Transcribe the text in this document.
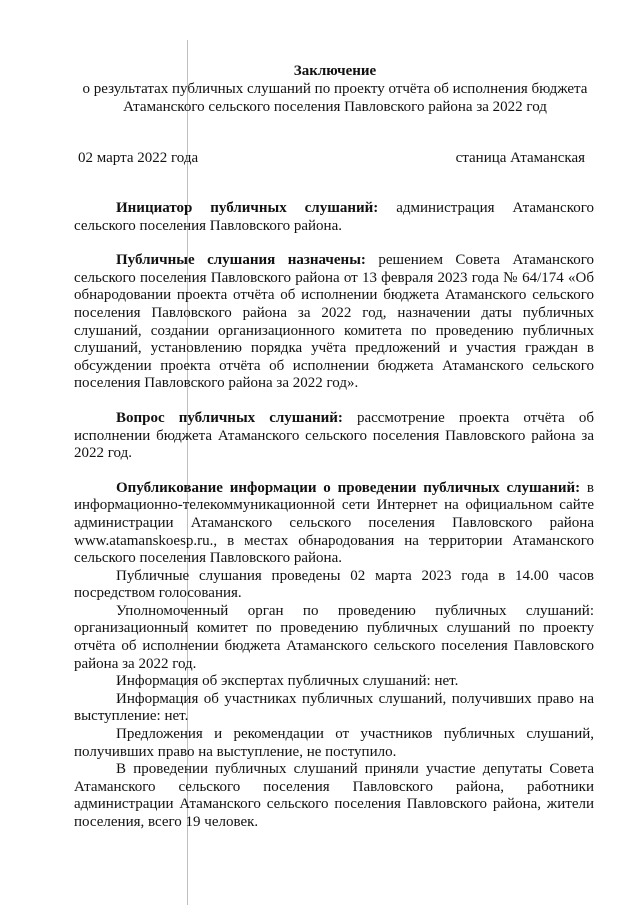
Заключение
о результатах публичных слушаний по проекту отчёта об исполнения бюджета
Атаманского сельского поселения Павловского района за 2022 год
02 марта 2022 года	станица Атаманская

Инициатор публичных слушаний: администрация Атаманского сельского поселения Павловского района.

Публичные слушания назначены: решением Совета Атаманского сельского поселения Павловского района от 13 февраля 2023 года № 64/174 «Об обнародовании проекта отчёта об исполнении бюджета Атаманского сельского поселения Павловского района за 2022 год, назначении даты публичных слушаний, создании организационного комитета по проведению публичных слушаний, установлению порядка учёта предложений и участия граждан в обсуждении проекта отчёта об исполнении бюджета Атаманского сельского поселения Павловского района за 2022 год».

Вопрос публичных слушаний: рассмотрение проекта отчёта об исполнении бюджета Атаманского сельского поселения Павловского района за 2022 год.

Опубликование информации о проведении публичных слушаний: в информационно-телекоммуникационной сети Интернет на официальном сайте администрации Атаманского сельского поселения Павловского района www.atamanskoesp.ru., в местах обнародования на территории Атаманского сельского поселения Павловского района.

Публичные слушания проведены 02 марта 2023 года в 14.00 часов посредством голосования.

Уполномоченный орган по проведению публичных слушаний: организационный комитет по проведению публичных слушаний по проекту отчёта об исполнении бюджета Атаманского сельского поселения Павловского района за 2022 год.

Информация об экспертах публичных слушаний: нет.

Информация об участниках публичных слушаний, получивших право на выступление: нет.

Предложения и рекомендации от участников публичных слушаний, получивших право на выступление, не поступило.

В проведении публичных слушаний приняли участие депутаты Совета Атаманского сельского поселения Павловского района, работники администрации Атаманского сельского поселения Павловского района, жители поселения, всего 19 человек.
